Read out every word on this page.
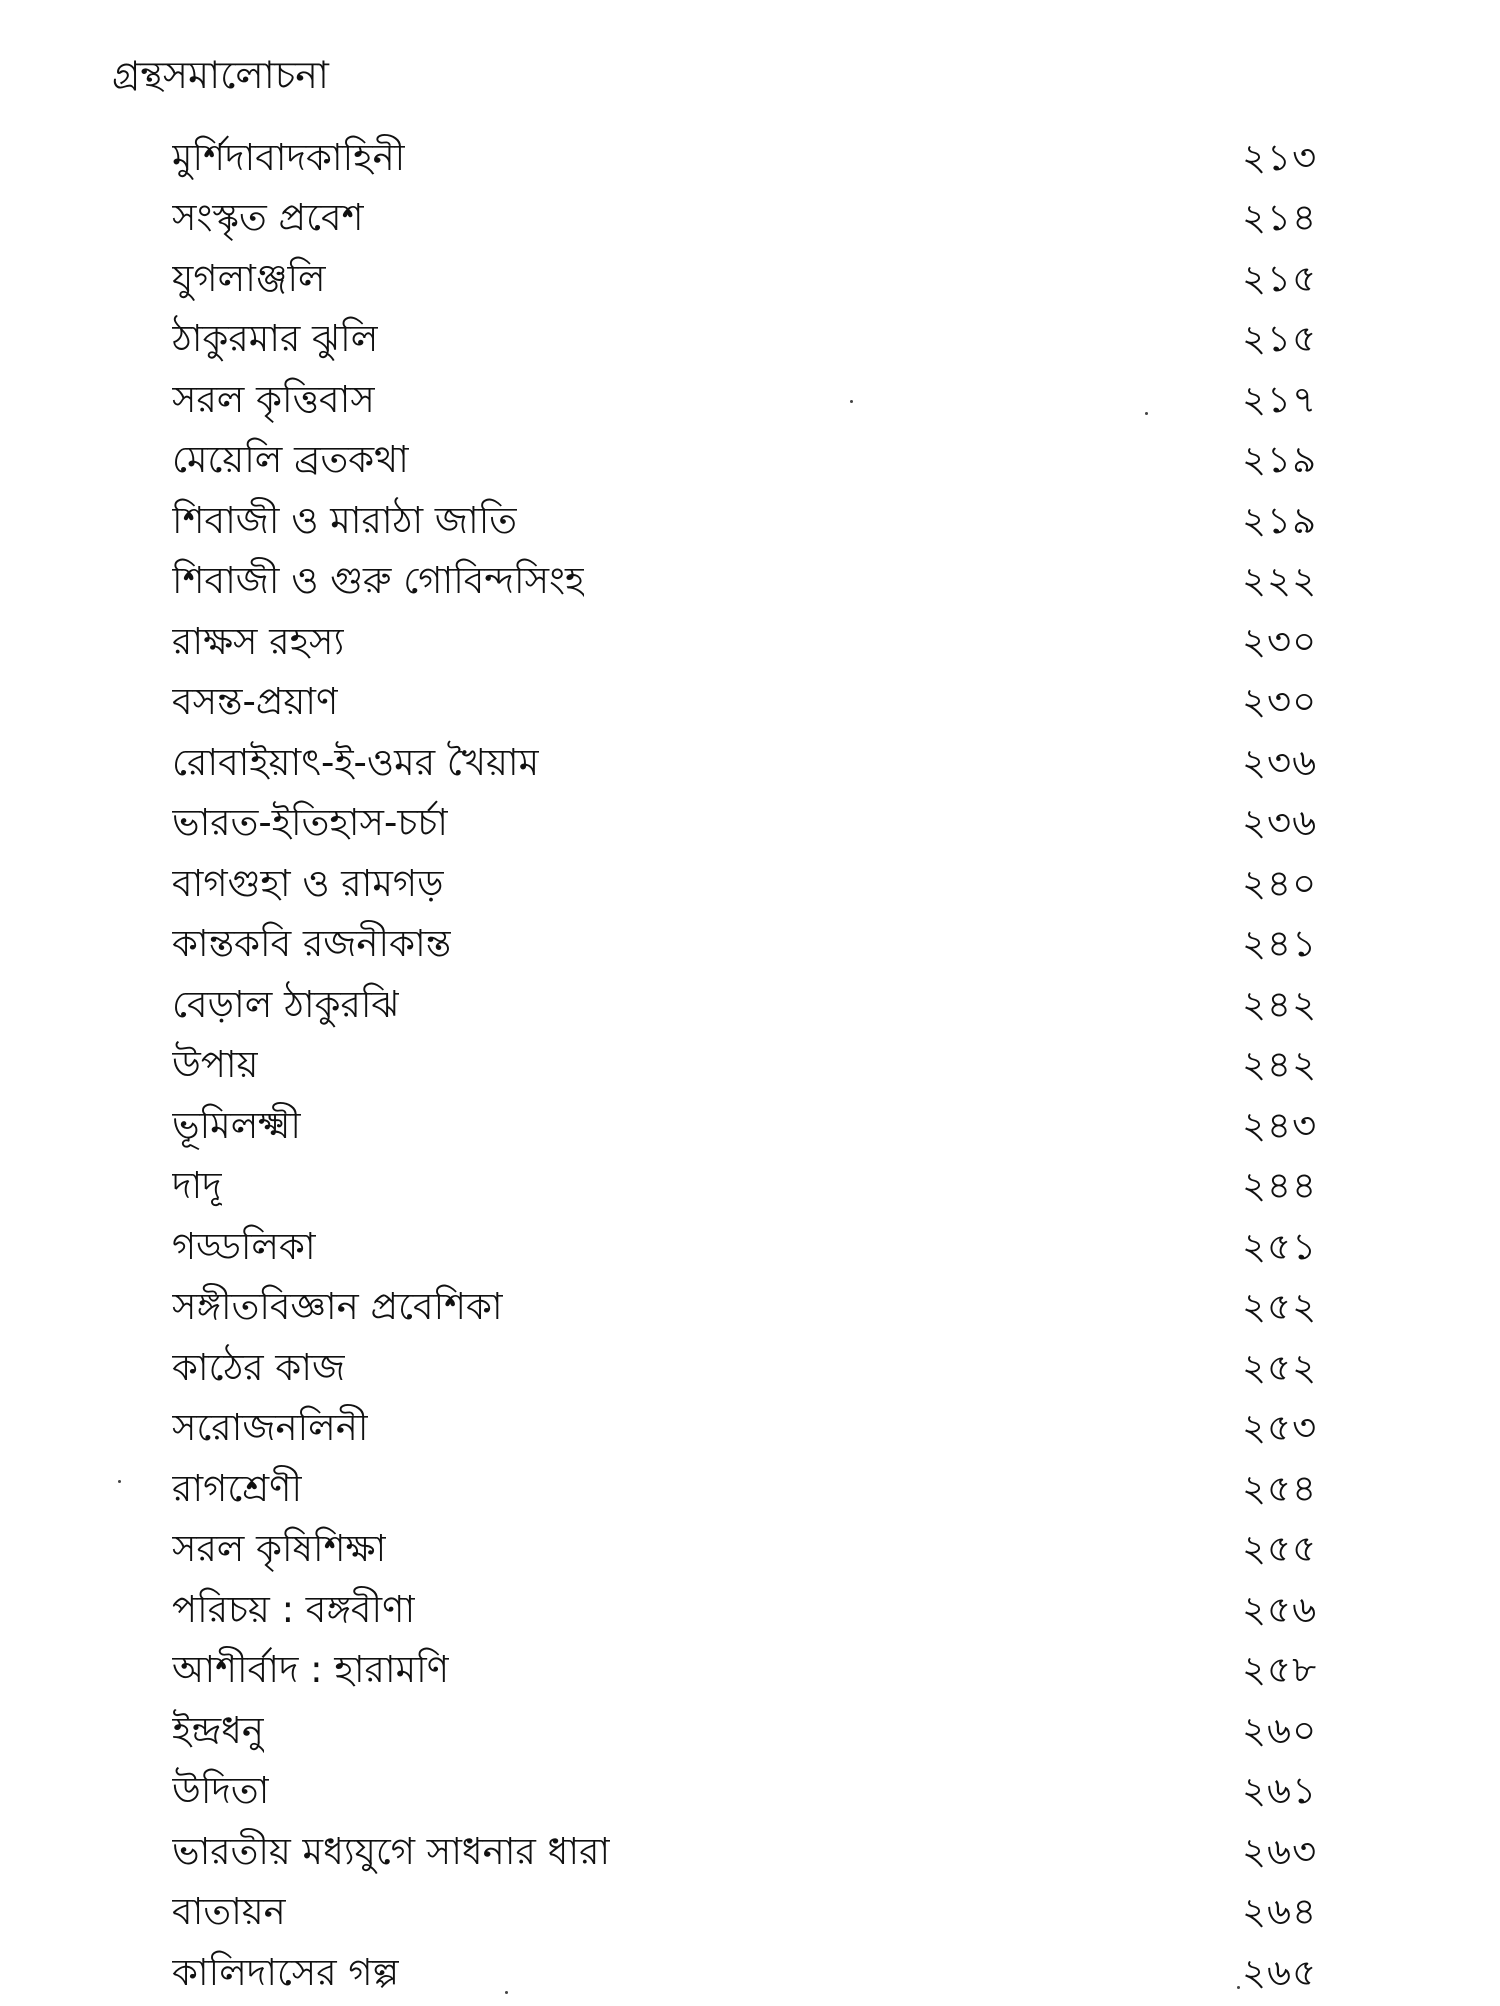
গ্রন্থসমালোচনা
মুর্শিদাবাদকাহিনী	২১৩
সংস্কৃত প্রবেশ	২১৪
যুগলাঞ্জলি	২১৫
ঠাকুরমার ঝুলি	২১৫
সরল কৃত্তিবাস	২১৭
মেয়েলি ব্রতকথা	২১৯
শিবাজী ও মারাঠা জাতি	২১৯
শিবাজী ও গুরু গোবিন্দসিংহ	২২২
রাক্ষস রহস্য	২৩০
বসন্ত-প্রয়াণ	২৩০
রোবাইয়াৎ-ই-ওমর খৈয়াম	২৩৬
ভারত-ইতিহাস-চর্চা	২৩৬
বাগগুহা ও রামগড়	২৪০
কান্তকবি রজনীকান্ত	২৪১
বেড়াল ঠাকুরঝি	২৪২
উপায়	২৪২
ভূমিলক্ষ্মী	২৪৩
দাদূ	২৪৪
গড্ডলিকা	২৫১
সঙ্গীতবিজ্ঞান প্রবেশিকা	২৫২
কাঠের কাজ	২৫২
সরোজনলিনী	২৫৩
রাগশ্রেণী	২৫৪
সরল কৃষিশিক্ষা	২৫৫
পরিচয় : বঙ্গবীণা	২৫৬
আশীর্বাদ : হারামণি	২৫৮
ইন্দ্রধনু	২৬০
উদিতা	২৬১
ভারতীয় মধ্যযুগে সাধনার ধারা	২৬৩
বাতায়ন	২৬৪
কালিদাসের গল্প	২৬৫
